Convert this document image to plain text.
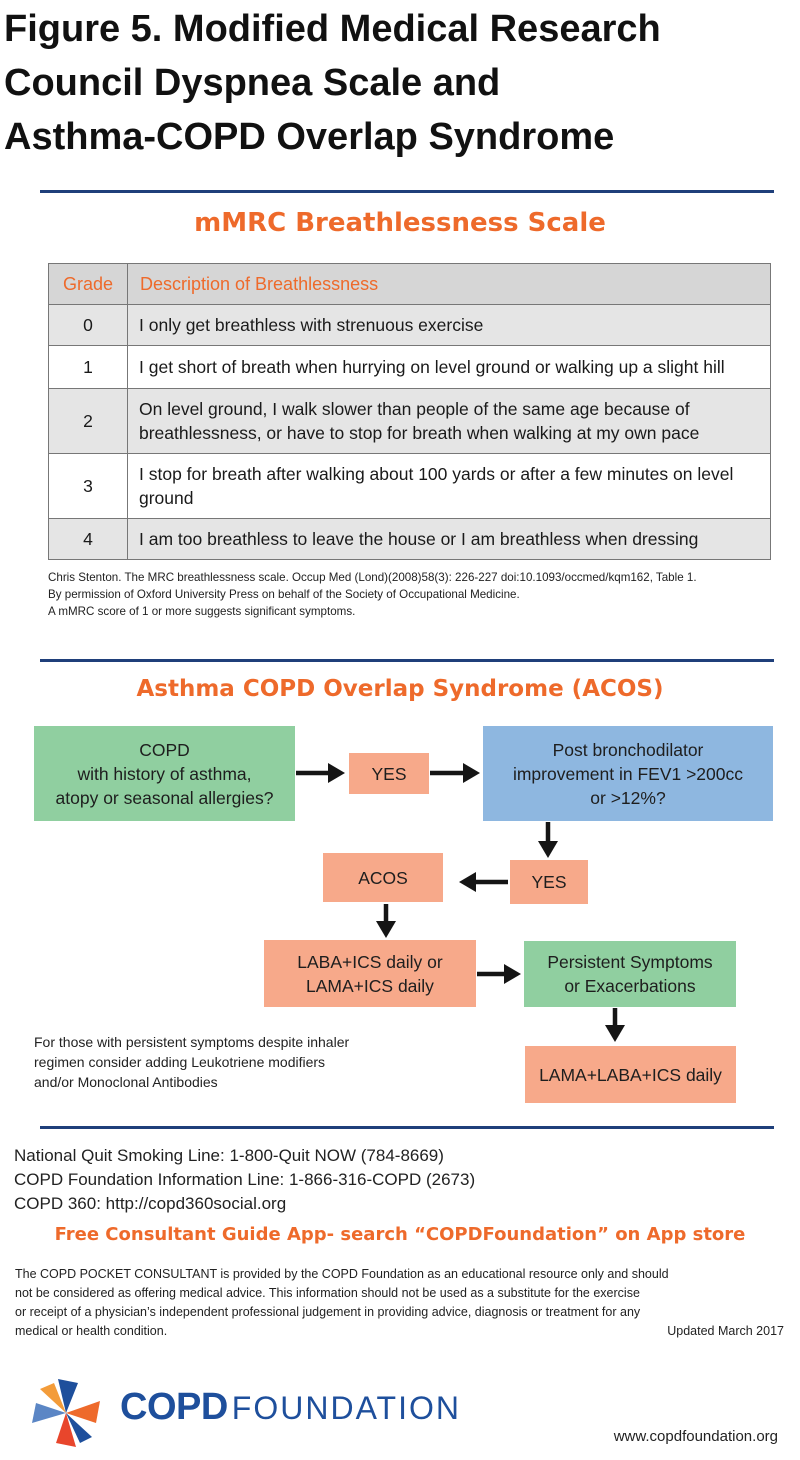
Figure 5. Modified Medical Research
Council Dyspnea Scale and
Asthma-COPD Overlap Syndrome
mMRC Breathlessness Scale
Grade	Description of Breathlessness
0	I only get breathless with strenuous exercise
1	I get short of breath when hurrying on level ground or walking up a slight hill
2	On level ground, I walk slower than people of the same age because of breathlessness, or have to stop for breath when walking at my own pace
3	I stop for breath after walking about 100 yards or after a few minutes on level ground
4	I am too breathless to leave the house or I am breathless when dressing
Chris Stenton. The MRC breathlessness scale. Occup Med (Lond)(2008)58(3): 226-227 doi:10.1093/occmed/kqm162, Table 1.
By permission of Oxford University Press on behalf of the Society of Occupational Medicine.
A mMRC score of 1 or more suggests significant symptoms.
Asthma COPD Overlap Syndrome (ACOS)
COPD
with history of asthma,
atopy or seasonal allergies?
YES
Post bronchodilator
improvement in FEV1 >200cc
or >12%?
ACOS	YES
LABA+ICS daily or
LAMA+ICS daily
Persistent Symptoms
or Exacerbations
LAMA+LABA+ICS daily
For those with persistent symptoms despite inhaler
regimen consider adding Leukotriene modifiers
and/or Monoclonal Antibodies
National Quit Smoking Line: 1-800-Quit NOW (784-8669)
COPD Foundation Information Line: 1-866-316-COPD (2673)
COPD 360: http://copd360social.org
Free Consultant Guide App- search “COPDFoundation” on App store
The COPD POCKET CONSULTANT is provided by the COPD Foundation as an educational resource only and should
not be considered as offering medical advice. This information should not be used as a substitute for the exercise
or receipt of a physician’s independent professional judgement in providing advice, diagnosis or treatment for any
medical or health condition.	Updated March 2017
COPD FOUNDATION
www.copdfoundation.org
